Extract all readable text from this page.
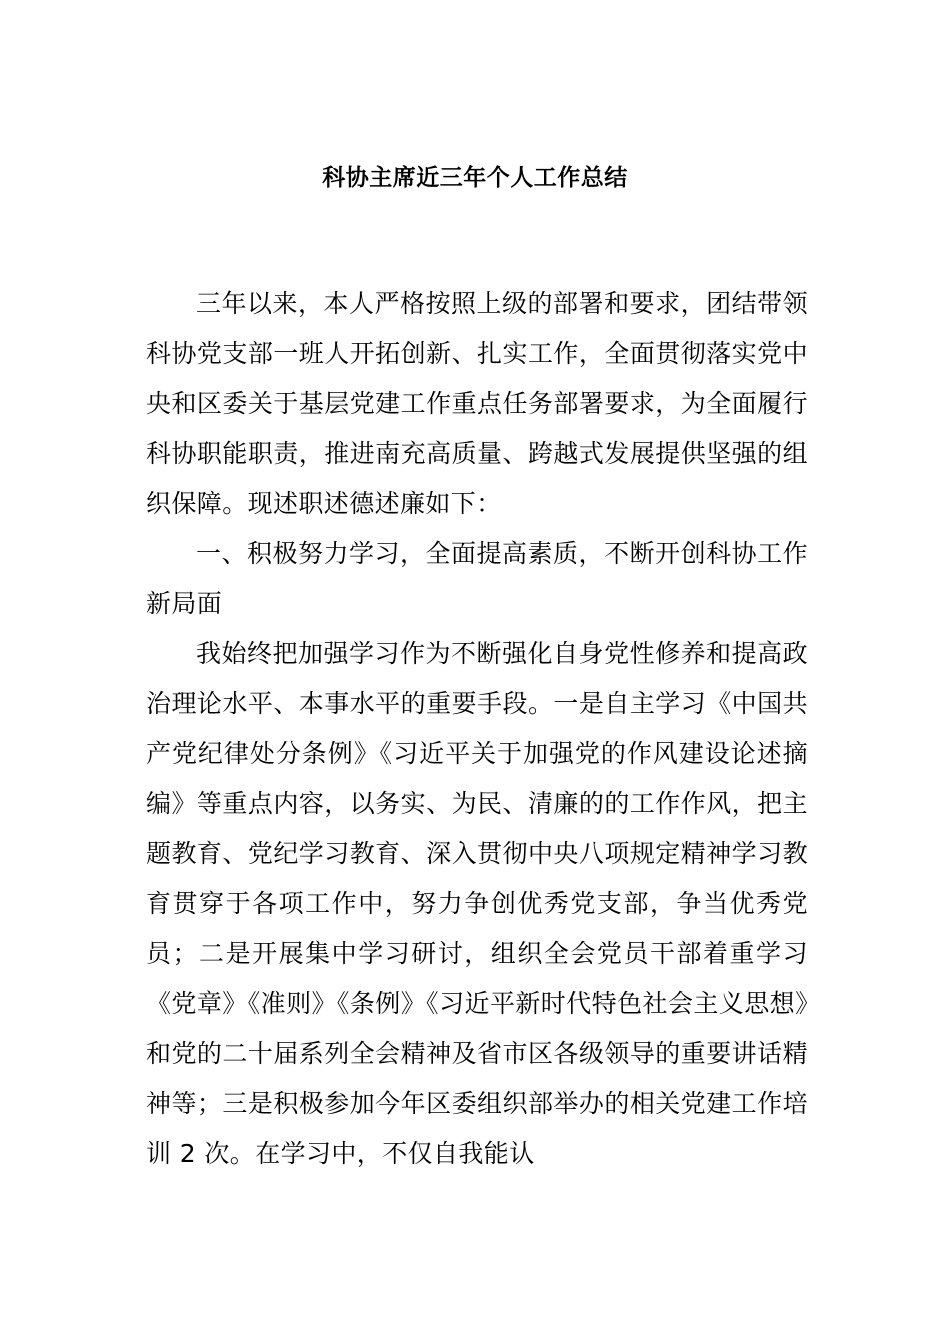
科协主席近三年个人工作总结

三年以来，本人严格按照上级的部署和要求，团结带领科协党支部一班人开拓创新、扎实工作，全面贯彻落实党中央和区委关于基层党建工作重点任务部署要求，为全面履行科协职能职责，推进南充高质量、跨越式发展提供坚强的组织保障。现述职述德述廉如下：

一、积极努力学习，全面提高素质，不断开创科协工作新局面

我始终把加强学习作为不断强化自身党性修养和提高政治理论水平、本事水平的重要手段。一是自主学习《中国共产党纪律处分条例》《习近平关于加强党的作风建设论述摘编》等重点内容，以务实、为民、清廉的的工作作风，把主题教育、党纪学习教育、深入贯彻中央八项规定精神学习教育贯穿于各项工作中，努力争创优秀党支部，争当优秀党员；二是开展集中学习研讨，组织全会党员干部着重学习《党章》《准则》《条例》《习近平新时代特色社会主义思想》和党的二十届系列全会精神及省市区各级领导的重要讲话精神等；三是积极参加今年区委组织部举办的相关党建工作培训 2 次。在学习中，不仅自我能认
